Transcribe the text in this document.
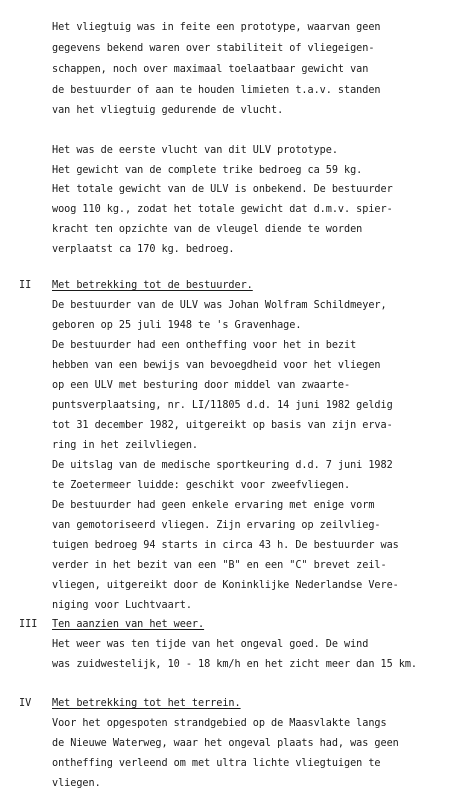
Het vliegtuig was in feite een prototype, waarvan geen
gegevens bekend waren over stabiliteit of vliegeigen-
schappen, noch over maximaal toelaatbaar gewicht van
de bestuurder of aan te houden limieten t.a.v. standen
van het vliegtuig gedurende de vlucht.
Het was de eerste vlucht van dit ULV prototype.
Het gewicht van de complete trike bedroeg ca 59 kg.
Het totale gewicht van de ULV is onbekend. De bestuurder
woog 110 kg., zodat het totale gewicht dat d.m.v. spier-
kracht ten opzichte van de vleugel diende te worden
verplaatst ca 170 kg. bedroeg.
II Met betrekking tot de bestuurder.
De bestuurder van de ULV was Johan Wolfram Schildmeyer,
geboren op 25 juli 1948 te 's Gravenhage.
De bestuurder had een ontheffing voor het in bezit
hebben van een bewijs van bevoegdheid voor het vliegen
op een ULV met besturing door middel van zwaarte-
puntsverplaatsing, nr. LI/11805 d.d. 14 juni 1982 geldig
tot 31 december 1982, uitgereikt op basis van zijn erva-
ring in het zeilvliegen.
De uitslag van de medische sportkeuring d.d. 7 juni 1982
te Zoetermeer luidde: geschikt voor zweefvliegen.
De bestuurder had geen enkele ervaring met enige vorm
van gemotoriseerd vliegen. Zijn ervaring op zeilvlieg-
tuigen bedroeg 94 starts in circa 43 h. De bestuurder was
verder in het bezit van een "B" en een "C" brevet zeil-
vliegen, uitgereikt door de Koninklijke Nederlandse Vere-
niging voor Luchtvaart.
III Ten aanzien van het weer.
Het weer was ten tijde van het ongeval goed. De wind
was zuidwestelijk, 10 - 18 km/h en het zicht meer dan 15 km.
IV Met betrekking tot het terrein.
Voor het opgespoten strandgebied op de Maasvlakte langs
de Nieuwe Waterweg, waar het ongeval plaats had, was geen
ontheffing verleend om met ultra lichte vliegtuigen te
vliegen.
